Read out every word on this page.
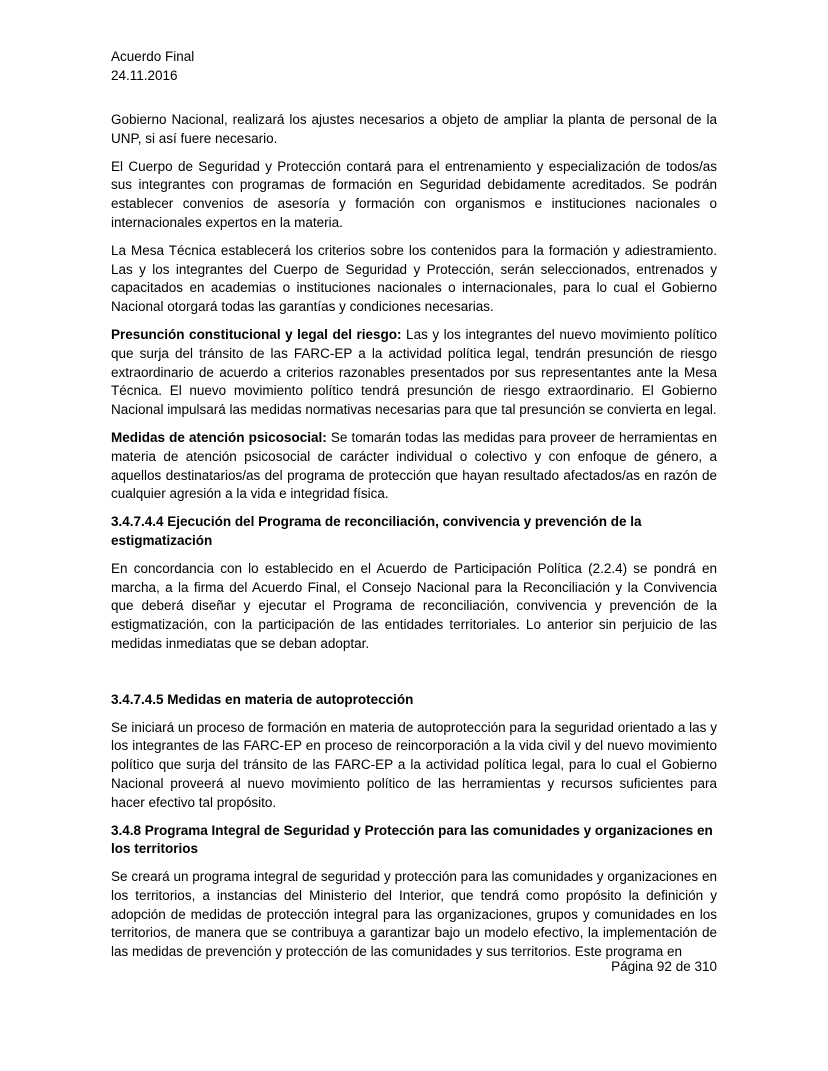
Acuerdo Final
24.11.2016

Gobierno Nacional, realizará los ajustes necesarios a objeto de ampliar la planta de personal de la UNP, si así fuere necesario.

El Cuerpo de Seguridad y Protección contará para el entrenamiento y especialización de todos/as sus integrantes con programas de formación en Seguridad debidamente acreditados. Se podrán establecer convenios de asesoría y formación con organismos e instituciones nacionales o internacionales expertos en la materia.

La Mesa Técnica establecerá los criterios sobre los contenidos para la formación y adiestramiento. Las y los integrantes del Cuerpo de Seguridad y Protección, serán seleccionados, entrenados y capacitados en academias o instituciones nacionales o internacionales, para lo cual el Gobierno Nacional otorgará todas las garantías y condiciones necesarias.

Presunción constitucional y legal del riesgo: Las y los integrantes del nuevo movimiento político que surja del tránsito de las FARC-EP a la actividad política legal, tendrán presunción de riesgo extraordinario de acuerdo a criterios razonables presentados por sus representantes ante la Mesa Técnica. El nuevo movimiento político tendrá presunción de riesgo extraordinario. El Gobierno Nacional impulsará las medidas normativas necesarias para que tal presunción se convierta en legal.

Medidas de atención psicosocial: Se tomarán todas las medidas para proveer de herramientas en materia de atención psicosocial de carácter individual o colectivo y con enfoque de género, a aquellos destinatarios/as del programa de protección que hayan resultado afectados/as en razón de cualquier agresión a la vida e integridad física.

3.4.7.4.4 Ejecución del Programa de reconciliación, convivencia y prevención de la estigmatización

En concordancia con lo establecido en el Acuerdo de Participación Política (2.2.4) se pondrá en marcha, a la firma del Acuerdo Final, el Consejo Nacional para la Reconciliación y la Convivencia que deberá diseñar y ejecutar el Programa de reconciliación, convivencia y prevención de la estigmatización, con la participación de las entidades territoriales. Lo anterior sin perjuicio de las medidas inmediatas que se deban adoptar.

3.4.7.4.5 Medidas en materia de autoprotección

Se iniciará un proceso de formación en materia de autoprotección para la seguridad orientado a las y los integrantes de las FARC-EP en proceso de reincorporación a la vida civil y del nuevo movimiento político que surja del tránsito de las FARC-EP a la actividad política legal, para lo cual el Gobierno Nacional proveerá al nuevo movimiento político de las herramientas y recursos suficientes para hacer efectivo tal propósito.

3.4.8 Programa Integral de Seguridad y Protección para las comunidades y organizaciones en los territorios

Se creará un programa integral de seguridad y protección para las comunidades y organizaciones en los territorios, a instancias del Ministerio del Interior, que tendrá como propósito la definición y adopción de medidas de protección integral para las organizaciones, grupos y comunidades en los territorios, de manera que se contribuya a garantizar bajo un modelo efectivo, la implementación de las medidas de prevención y protección de las comunidades y sus territorios. Este programa en

Página 92 de 310
